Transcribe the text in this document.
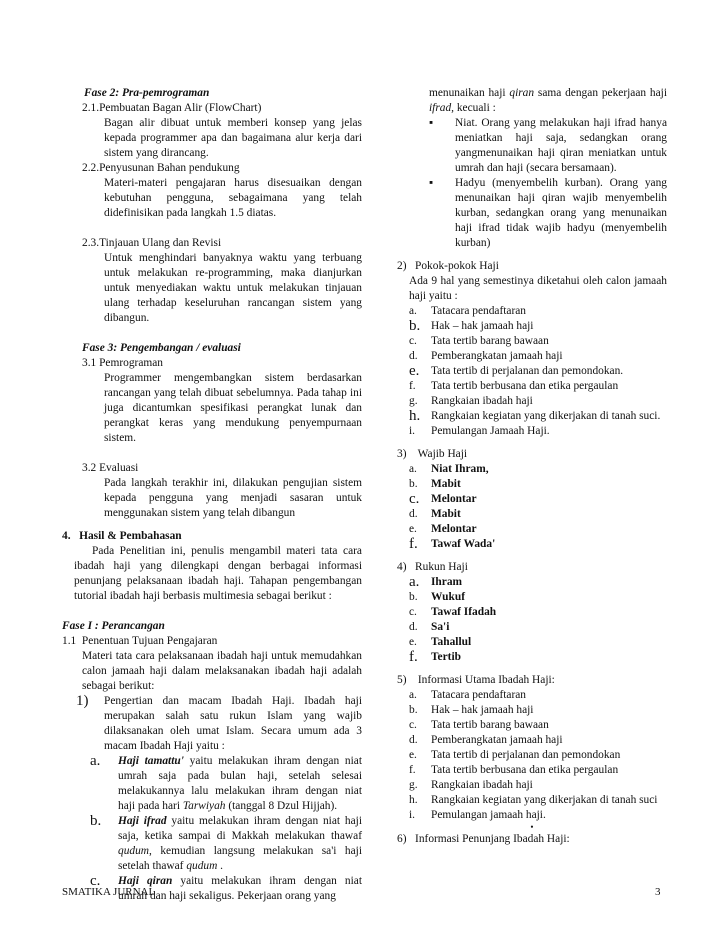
Fase 2: Pra-pemrograman
2.1.Pembuatan Bagan Alir (FlowChart)
Bagan alir dibuat untuk memberi konsep yang jelas kepada programmer apa dan bagaimana alur kerja dari sistem yang dirancang.
2.2.Penyusunan Bahan pendukung
Materi-materi pengajaran harus disesuaikan dengan kebutuhan pengguna, sebagaimana yang telah didefinisikan pada langkah 1.5 diatas.
2.3.Tinjauan Ulang dan Revisi
Untuk menghindari banyaknya waktu yang terbuang untuk melakukan re-programming, maka dianjurkan untuk menyediakan waktu untuk melakukan tinjauan ulang terhadap keseluruhan rancangan sistem yang dibangun.
Fase 3: Pengembangan / evaluasi
3.1 Pemrograman
Programmer mengembangkan sistem berdasarkan rancangan yang telah dibuat sebelumnya. Pada tahap ini juga dicantumkan spesifikasi perangkat lunak dan perangkat keras yang mendukung penyempurnaan sistem.
3.2 Evaluasi
Pada langkah terakhir ini, dilakukan pengujian sistem kepada pengguna yang menjadi sasaran untuk menggunakan sistem yang telah dibangun
4.   Hasil & Pembahasan
Pada Penelitian ini, penulis mengambil materi tata cara ibadah haji yang dilengkapi dengan berbagai informasi penunjang pelaksanaan ibadah haji. Tahapan pengembangan tutorial ibadah haji berbasis multimesia sebagai berikut :
Fase I : Perancangan
1.1  Penentuan Tujuan Pengajaran
Materi tata cara pelaksanaan ibadah haji untuk memudahkan calon jamaah haji dalam melaksanakan ibadah haji adalah sebagai berikut:
1)	Pengertian dan macam Ibadah Haji. Ibadah haji merupakan salah satu rukun Islam yang wajib dilaksanakan oleh umat Islam. Secara umum ada 3 macam Ibadah Haji yaitu :
a.	Haji tamattu' yaitu melakukan ihram dengan niat umrah saja pada bulan haji, setelah selesai melakukannya lalu melakukan ihram dengan niat haji pada hari Tarwiyah (tanggal 8 Dzul Hijjah).
b.	Haji ifrad yaitu melakukan ihram dengan niat haji saja, ketika sampai di Makkah melakukan thawaf qudum, kemudian langsung melakukan sa'i haji setelah thawaf qudum .
c.	Haji qiran yaitu melakukan ihram dengan niat umrah dan haji sekaligus. Pekerjaan orang yang
menunaikan haji qiran sama dengan pekerjaan haji ifrad, kecuali :
▪	Niat. Orang yang melakukan haji ifrad hanya meniatkan haji saja, sedangkan orang yangmenunaikan haji qiran meniatkan untuk umrah dan haji (secara bersamaan).
▪	Hadyu (menyembelih kurban). Orang yang menunaikan haji qiran wajib menyembelih kurban, sedangkan orang yang menunaikan haji ifrad tidak wajib hadyu (menyembelih kurban)
2)   Pokok-pokok Haji
Ada 9 hal yang semestinya diketahui oleh calon jamaah haji yaitu :
a.	Tatacara pendaftaran
b. Hak – hak jamaah haji
c.	Tata tertib barang bawaan
d.	Pemberangkatan jamaah haji
e.	Tata tertib di perjalanan dan pemondokan.
f.	Tata tertib berbusana dan etika pergaulan
g.	Rangkaian ibadah haji
h. Rangkaian kegiatan yang dikerjakan di tanah suci.
i.	Pemulangan Jamaah Haji.
3)    Wajib Haji
a.	Niat Ihram,
b.	Mabit
c.	Melontar
d.	Mabit
e.	Melontar
f.	Tawaf Wada'
4)   Rukun Haji
a.	Ihram
b.	Wukuf
c.	Tawaf Ifadah
d.	Sa'i
e.	Tahallul
f.	Tertib
5)    Informasi Utama Ibadah Haji:
a.	Tatacara pendaftaran
b.	Hak – hak jamaah haji
c.	Tata tertib barang bawaan
d.	Pemberangkatan jamaah haji
e.	Tata tertib di perjalanan dan pemondokan
f.	Tata tertib berbusana dan etika pergaulan
g.	Rangkaian ibadah haji
h.	Rangkaian kegiatan yang dikerjakan di tanah suci
i.	Pemulangan jamaah haji.
•
6)   Informasi Penunjang Ibadah Haji:
SMATIKA JURNAL	3
